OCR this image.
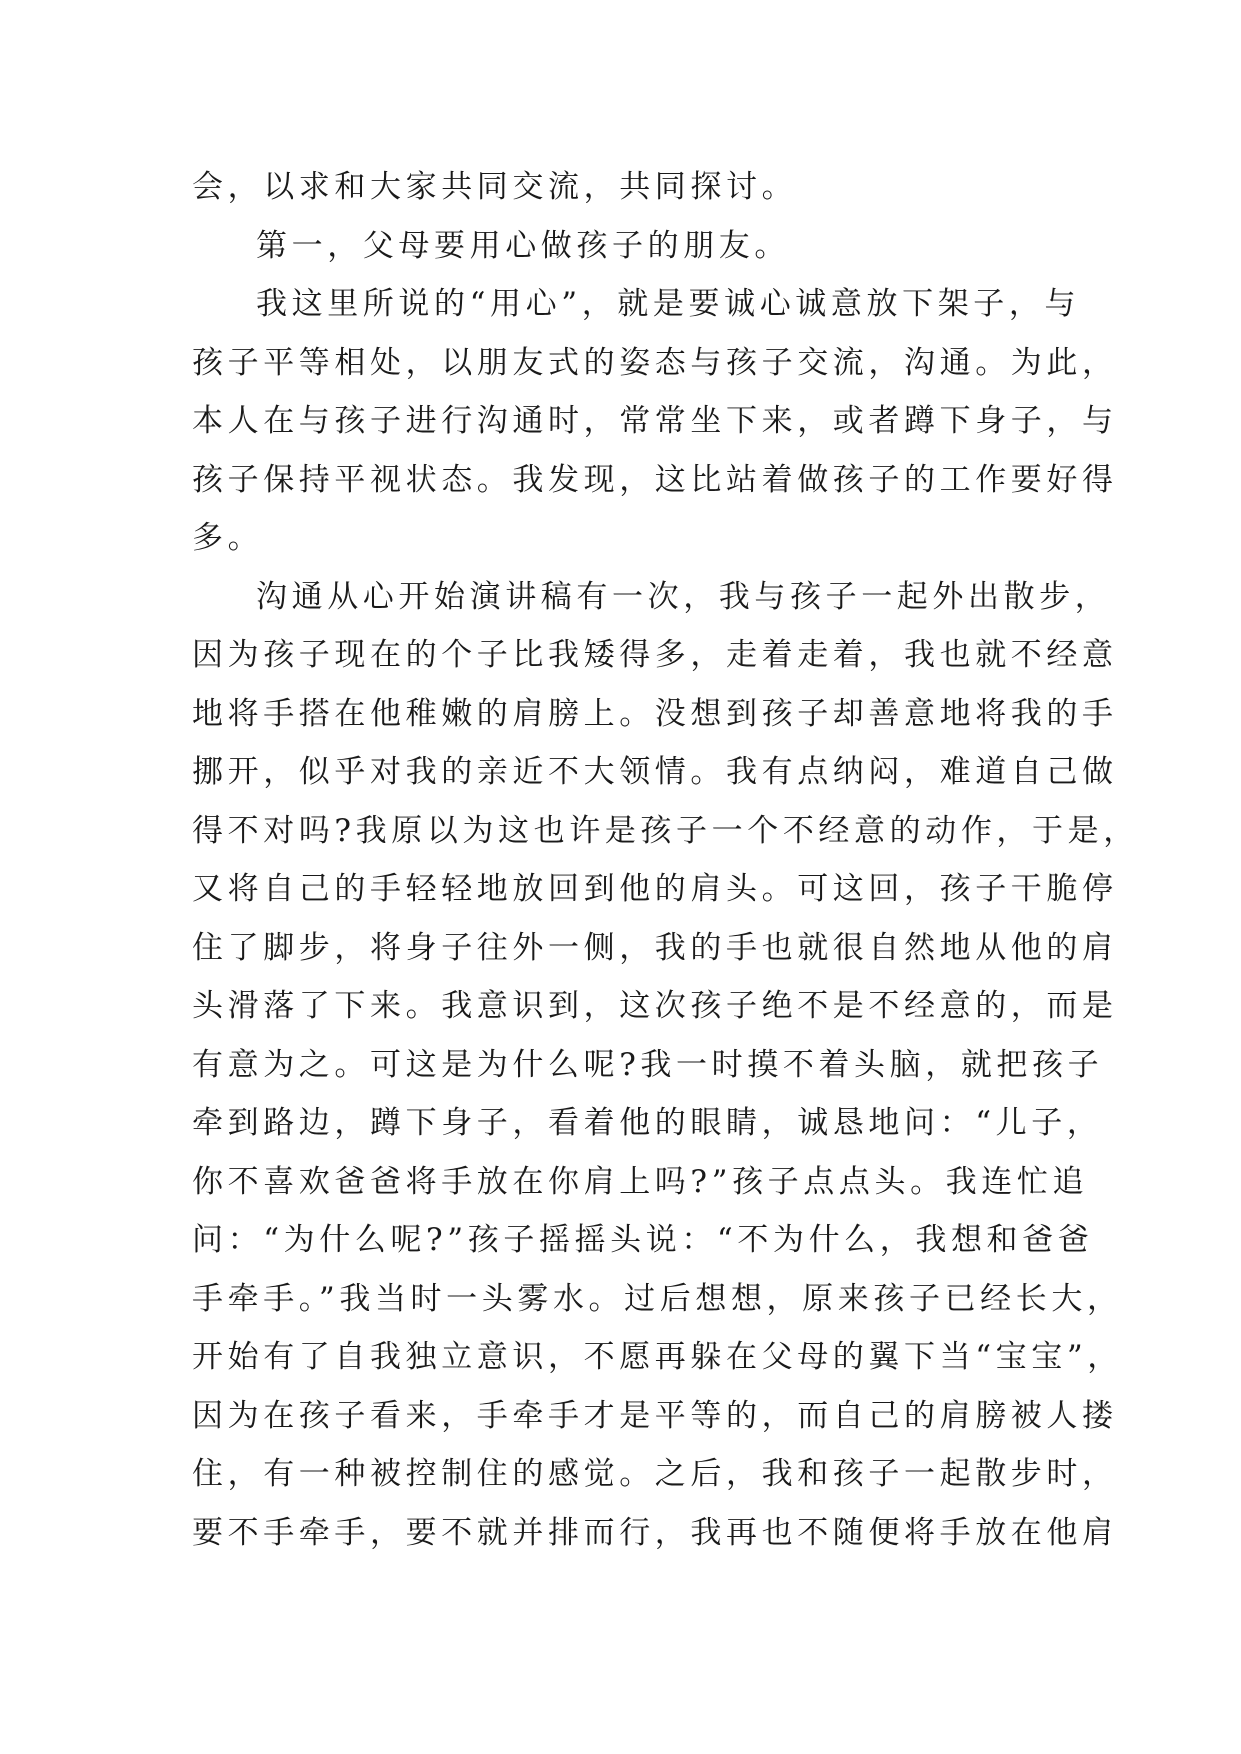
会，以求和大家共同交流，共同探讨。
第一，父母要用心做孩子的朋友。
我这里所说的“用心”，就是要诚心诚意放下架子，与
孩子平等相处，以朋友式的姿态与孩子交流，沟通。为此，
本人在与孩子进行沟通时，常常坐下来，或者蹲下身子，与
孩子保持平视状态。我发现，这比站着做孩子的工作要好得
多。
沟通从心开始演讲稿有一次，我与孩子一起外出散步，
因为孩子现在的个子比我矮得多，走着走着，我也就不经意
地将手搭在他稚嫩的肩膀上。没想到孩子却善意地将我的手
挪开，似乎对我的亲近不大领情。我有点纳闷，难道自己做
得不对吗?我原以为这也许是孩子一个不经意的动作，于是，
又将自己的手轻轻地放回到他的肩头。可这回，孩子干脆停
住了脚步，将身子往外一侧，我的手也就很自然地从他的肩
头滑落了下来。我意识到，这次孩子绝不是不经意的，而是
有意为之。可这是为什么呢?我一时摸不着头脑，就把孩子
牵到路边，蹲下身子，看着他的眼睛，诚恳地问：“儿子，
你不喜欢爸爸将手放在你肩上吗?”孩子点点头。我连忙追
问：“为什么呢?”孩子摇摇头说：“不为什么，我想和爸爸
手牵手。”我当时一头雾水。过后想想，原来孩子已经长大，
开始有了自我独立意识，不愿再躲在父母的翼下当“宝宝”，
因为在孩子看来，手牵手才是平等的，而自己的肩膀被人搂
住，有一种被控制住的感觉。之后，我和孩子一起散步时，
要不手牵手，要不就并排而行，我再也不随便将手放在他肩
